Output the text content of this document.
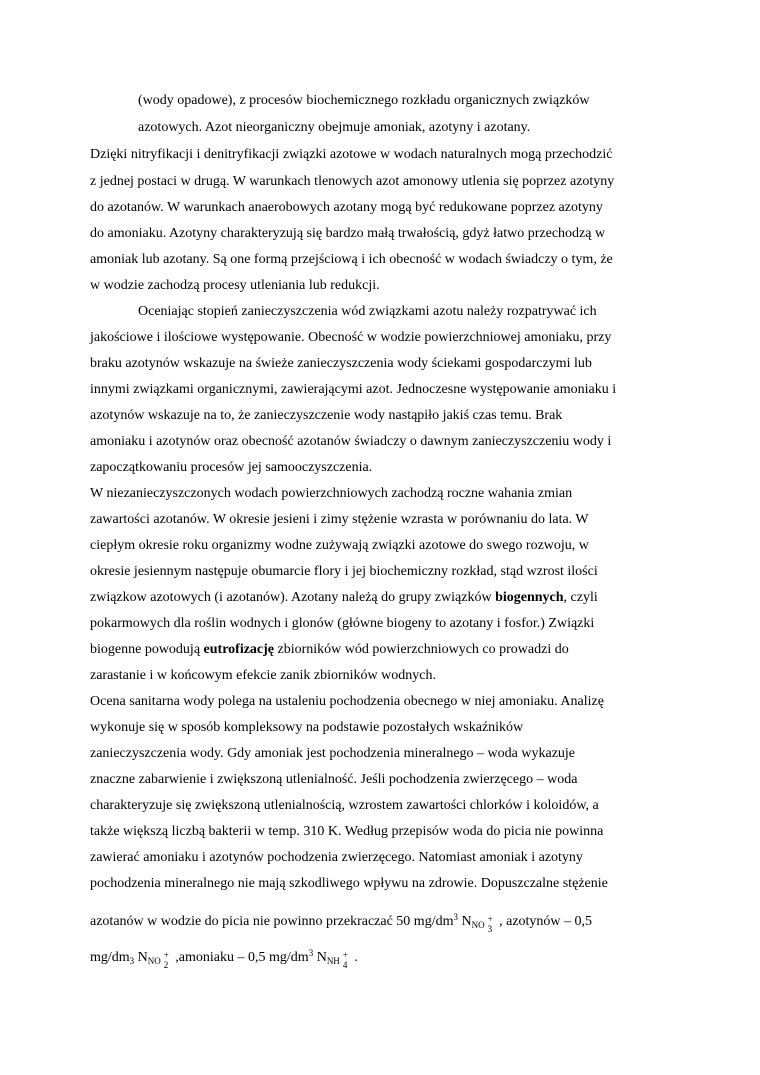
(wody opadowe), z procesów biochemicznego rozkładu organicznych związków
azotowych. Azot nieorganiczny obejmuje amoniak, azotyny i azotany.
Dzięki nitryfikacji i denitryfikacji związki azotowe w wodach naturalnych mogą przechodzić
z jednej postaci w drugą. W warunkach tlenowych azot amonowy utlenia się poprzez azotyny
do azotanów. W warunkach anaerobowych azotany mogą być redukowane poprzez azotyny
do amoniaku. Azotyny charakteryzują się bardzo małą trwałością, gdyż łatwo przechodzą w
amoniak lub azotany. Są one formą przejściową i ich obecność w wodach świadczy o tym, że
w wodzie zachodzą procesy utleniania lub redukcji.
Oceniając stopień zanieczyszczenia wód związkami azotu należy rozpatrywać ich
jakościowe i ilościowe występowanie. Obecność w wodzie powierzchniowej amoniaku, przy
braku azotynów wskazuje na świeże zanieczyszczenia wody ściekami gospodarczymi lub
innymi związkami organicznymi, zawierającymi azot. Jednoczesne występowanie amoniaku i
azotynów wskazuje na to, że zanieczyszczenie wody nastąpiło jakiś czas temu. Brak
amoniaku i azotynów oraz obecność azotanów świadczy o dawnym zanieczyszczeniu wody i
zapoczątkowaniu procesów jej samooczyszczenia.
W niezanieczyszczonych wodach powierzchniowych zachodzą roczne wahania zmian
zawartości azotanów. W okresie jesieni i zimy stężenie wzrasta w porównaniu do lata. W
ciepłym okresie roku organizmy wodne zużywają związki azotowe do swego rozwoju, w
okresie jesiennym następuje obumarcie flory i jej biochemiczny rozkład, stąd wzrost ilości
związkow azotowych (i azotanów). Azotany należą do grupy związków biogennych, czyli
pokarmowych dla roślin wodnych i glonów (główne biogeny to azotany i fosfor.) Związki
biogenne powodują eutrofizację zbiorników wód powierzchniowych co prowadzi do
zarastanie i w końcowym efekcie zanik zbiorników wodnych.
Ocena sanitarna wody polega na ustaleniu pochodzenia obecnego w niej amoniaku. Analizę
wykonuje się w sposób kompleksowy na podstawie pozostałych wskaźników
zanieczyszczenia wody. Gdy amoniak jest pochodzenia mineralnego – woda wykazuje
znaczne zabarwienie i zwiększoną utlenialność. Jeśli pochodzenia zwierzęcego – woda
charakteryzuje się zwiększoną utlenialnością, wzrostem zawartości chlorków i koloidów, a
także większą liczbą bakterii w temp. 310 K. Według przepisów woda do picia nie powinna
zawierać amoniaku i azotynów pochodzenia zwierzęcego. Natomiast amoniak i azotyny
pochodzenia mineralnego nie mają szkodliwego wpływu na zdrowie. Dopuszczalne stężenie
azotanów w wodzie do picia nie powinno przekraczać 50 $mg/dm^3$ $N_{NO}$
+
3 , azotynów – 0,5
$mg/dm_3$ $N_{NO}$
+
2 ,amoniaku – 0,5 $mg/dm^3$ $N_{NH}$
+
4 .
